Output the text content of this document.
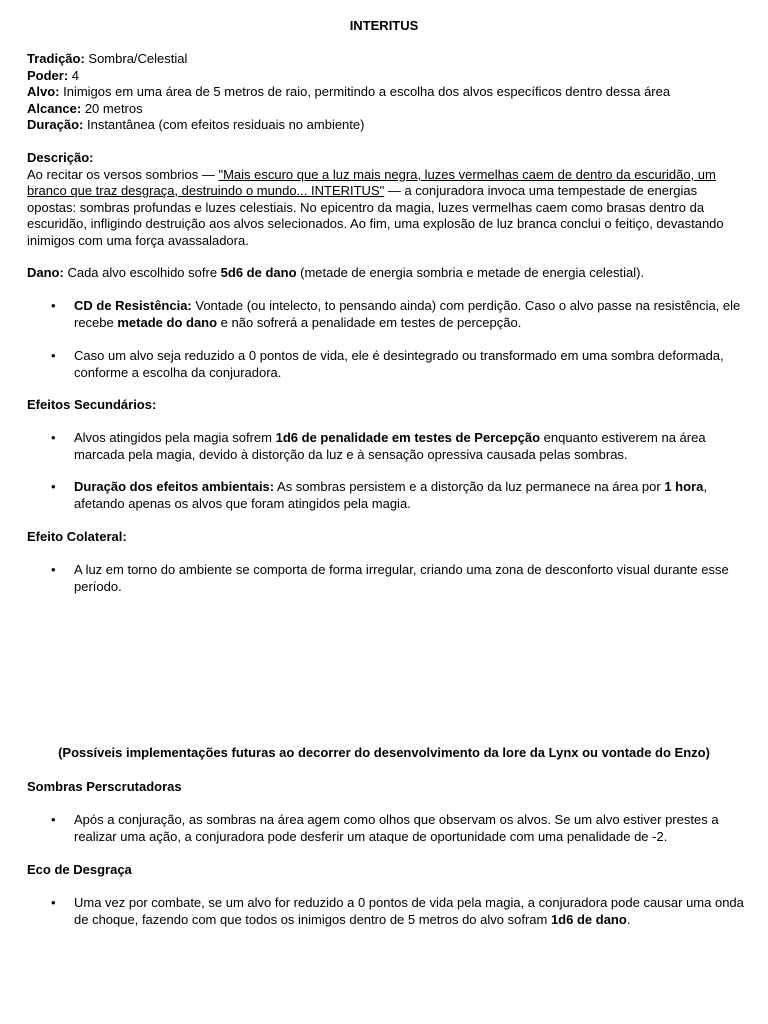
INTERITUS

Tradição: Sombra/Celestial

Poder: 4

Alvo: Inimigos em uma área de 5 metros de raio, permitindo a escolha dos alvos específicos dentro dessa área

Alcance: 20 metros

Duração: Instantânea (com efeitos residuais no ambiente)

Descrição:

Ao recitar os versos sombrios — "Mais escuro que a luz mais negra, luzes vermelhas caem de dentro da escuridão, um branco que traz desgraça, destruindo o mundo... INTERITUS" — a conjuradora invoca uma tempestade de energias opostas: sombras profundas e luzes celestiais. No epicentro da magia, luzes vermelhas caem como brasas dentro da escuridão, infligindo destruição aos alvos selecionados. Ao fim, uma explosão de luz branca conclui o feitiço, devastando inimigos com uma força avassaladora.

Dano: Cada alvo escolhido sofre 5d6 de dano (metade de energia sombria e metade de energia celestial).

•	CD de Resistência: Vontade (ou intelecto, to pensando ainda) com perdição. Caso o alvo passe na resistência, ele recebe metade do dano e não sofrerá a penalidade em testes de percepção.

•	Caso um alvo seja reduzido a 0 pontos de vida, ele é desintegrado ou transformado em uma sombra deformada, conforme a escolha da conjuradora.

Efeitos Secundários:

•	Alvos atingidos pela magia sofrem 1d6 de penalidade em testes de Percepção enquanto estiverem na área marcada pela magia, devido à distorção da luz e à sensação opressiva causada pelas sombras.

•	Duração dos efeitos ambientais: As sombras persistem e a distorção da luz permanece na área por 1 hora, afetando apenas os alvos que foram atingidos pela magia.

Efeito Colateral:

•	A luz em torno do ambiente se comporta de forma irregular, criando uma zona de desconforto visual durante esse período.

(Possíveis implementações futuras ao decorrer do desenvolvimento da lore da Lynx ou vontade do Enzo)

Sombras Perscrutadoras

•	Após a conjuração, as sombras na área agem como olhos que observam os alvos. Se um alvo estiver prestes a realizar uma ação, a conjuradora pode desferir um ataque de oportunidade com uma penalidade de -2.

Eco de Desgraça

•	Uma vez por combate, se um alvo for reduzido a 0 pontos de vida pela magia, a conjuradora pode causar uma onda de choque, fazendo com que todos os inimigos dentro de 5 metros do alvo sofram 1d6 de dano.
